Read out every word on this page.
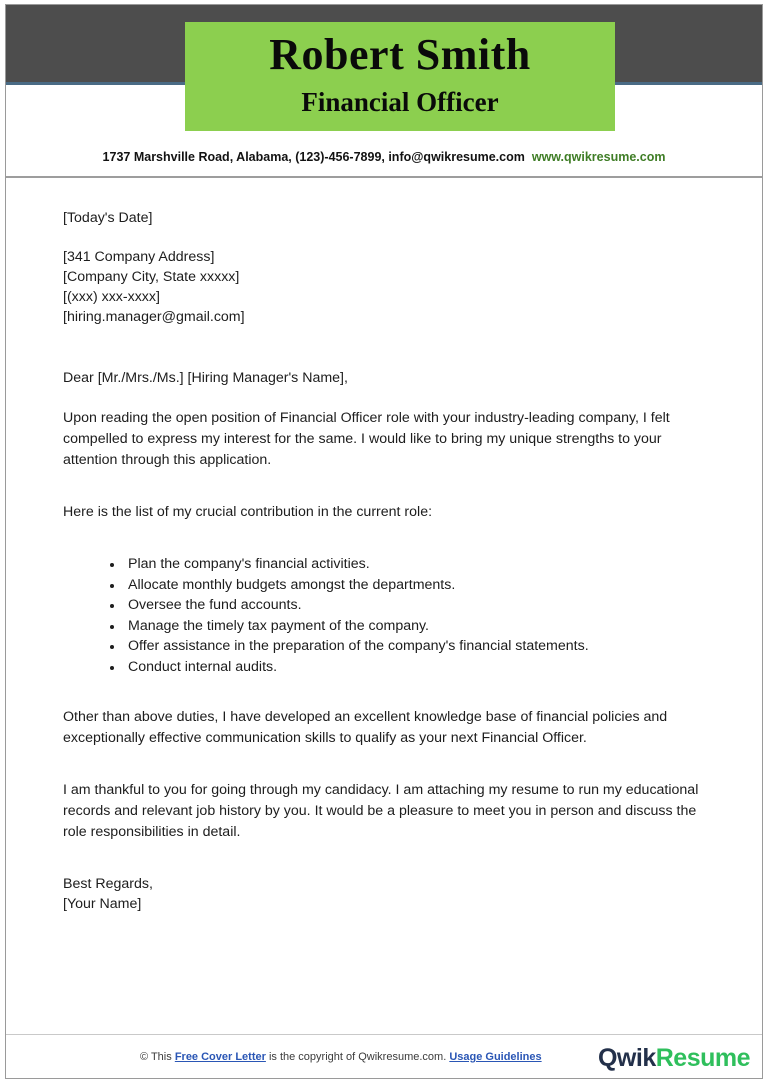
Robert Smith
Financial Officer
1737 Marshville Road, Alabama, (123)-456-7899, info@qwikresume.com www.qwikresume.com
[Today's Date]
[341 Company Address]
[Company City, State xxxxx]
[(xxx) xxx-xxxx]
[hiring.manager@gmail.com]

Dear [Mr./Mrs./Ms.] [Hiring Manager's Name],

Upon reading the open position of Financial Officer role with your industry-leading company, I felt compelled to express my interest for the same. I would like to bring my unique strengths to your attention through this application.

Here is the list of my crucial contribution in the current role:

Plan the company's financial activities.
Allocate monthly budgets amongst the departments.
Oversee the fund accounts.
Manage the timely tax payment of the company.
Offer assistance in the preparation of the company's financial statements.
Conduct internal audits.

Other than above duties, I have developed an excellent knowledge base of financial policies and exceptionally effective communication skills to qualify as your next Financial Officer.

I am thankful to you for going through my candidacy. I am attaching my resume to run my educational records and relevant job history by you. It would be a pleasure to meet you in person and discuss the role responsibilities in detail.

Best Regards,
[Your Name]
© This Free Cover Letter is the copyright of Qwikresume.com. Usage Guidelines QwikResume
